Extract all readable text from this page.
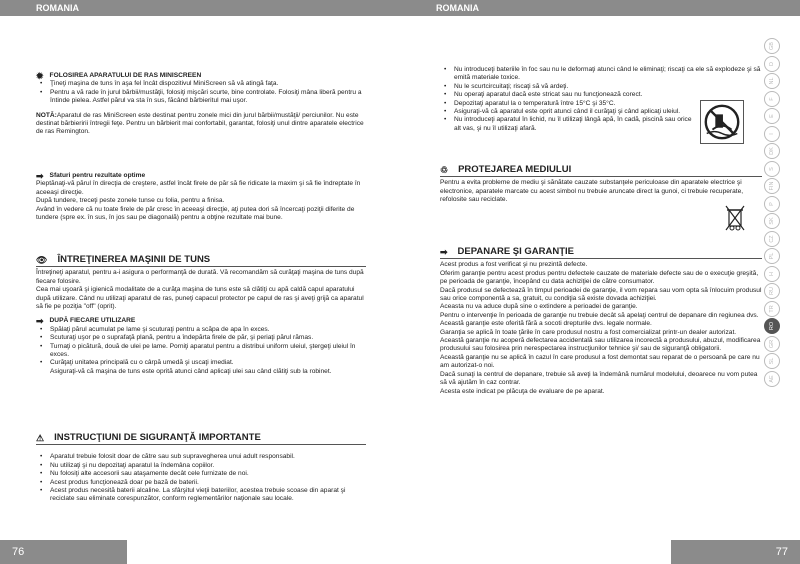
ROMANIA	ROMANIA
✹ FOLOSIREA APARATULUI DE RAS MINISCREEN
• Ţineţi maşina de tuns în aşa fel încât dispozitivul MiniScreen să vă atingă faţa.
• Pentru a vă rade în jurul bărbii/mustăţii, folosiţi mişcări scurte, bine controlate. Folosiţi mâna liberă pentru a întinde pielea. Astfel părul va sta în sus, făcând bărbieritul mai uşor.

NOTĂ:Aparatul de ras MiniScreen este destinat pentru zonele mici din jurul bărbii/mustăţii/ perciunilor. Nu este destinat bărbieririi întregii feţe. Pentru un bărbierit mai confortabil, garantat, folosiţi unul dintre aparatele electrice de ras Remington.

➡ Sfaturi pentru rezultate optime

Pieptănaţi-vă părul în direcţia de creştere, astfel încât firele de păr să fie ridicate la maxim şi să fie îndreptate în aceeaşi direcţie.

După tundere, treceţi peste zonele tunse cu folia, pentru a finisa.

Având în vedere că nu toate firele de păr cresc în aceeaşi direcţie, aţi putea dori să încercaţi poziţii diferite de tundere (spre ex. în sus, în jos sau pe diagonală) pentru a obţine rezultate mai bune.

👁 ÎNTREŢINEREA MAŞINII DE TUNS

Întreţineţi aparatul, pentru a-i asigura o performanţă de durată. Vă recomandăm să curăţaţi maşina de tuns după fiecare folosire.

Cea mai uşoară şi igienică modalitate de a curăţa maşina de tuns este să clătiţi cu apă caldă capul aparatului după utilizare. Când nu utilizaţi aparatul de ras, puneţi capacul protector pe capul de ras şi aveţi grijă ca aparatul să fie pe poziţia "off" (oprit).

➡ DUPĂ FIECARE UTILIZARE
• Spălaţi părul acumulat pe lame şi scuturaţi pentru a scăpa de apa în exces.
• Scuturaţi uşor pe o suprafaţă plană, pentru a îndepărta firele de păr, şi periaţi părul rămas.
• Turnaţi o picătură, două de ulei pe lame. Porniţi aparatul pentru a distribui uniform uleiul, ştergeţi uleiul în exces.
• Curăţaţi unitatea principală cu o cârpă umedă şi uscaţi imediat.
Asiguraţi-vă că maşina de tuns este oprită atunci când aplicaţi ulei sau când clătiţi sub la robinet.
⚠ INSTRUCŢIUNI DE SIGURANŢĂ IMPORTANTE
• Aparatul trebuie folosit doar de către sau sub supravegherea unui adult responsabil.
• Nu utilizaţi şi nu depozitaţi aparatul la îndemâna copiilor.
• Nu folosiţi alte accesorii sau ataşamente decât cele furnizate de noi.
• Acest produs funcţionează doar pe bază de baterii.
• Acest produs necesită baterii alcaline. La sfârşitul vieţii bateriilor, acestea trebuie scoase din aparat şi reciclate sau eliminate corespunzător, conform reglementărilor naţionale sau locale.
• Nu introduceţi bateriile în foc sau nu le deformaţi atunci când le eliminaţi; riscaţi ca ele să explodeze şi să emită materiale toxice.
• Nu le scurtcircuitaţi; riscaţi să vă ardeţi.
• Nu operaţi aparatul dacă este stricat sau nu funcţionează corect.
• Depozitaţi aparatul la o temperatură între 15°C şi 35°C.
• Asiguraţi-vă că aparatul este oprit atunci când il curăţaţi şi când aplicaţi uleiul.
• Nu introduceţi aparatul în lichid, nu îl utilizaţi lângă apă, în cadă, piscină sau orice alt vas, şi nu îl utilizaţi afară.
♲ PROTEJAREA MEDIULUI

Pentru a evita probleme de mediu şi sănătate cauzate substanţele periculoase din aparatele electrice şi electronice, aparatele marcate cu acest simbol nu trebuie aruncate direct la gunoi, ci trebuie recuperate, refolosite sau reciclate.

➡ DEPANARE ŞI GARANŢIE

Acest produs a fost verificat şi nu prezintă defecte.

Oferim garanţie pentru acest produs pentru defectele cauzate de materiale defecte sau de o execuţie greşită, pe perioada de garanţie, începând cu data achiziţiei de către consumator.

Dacă produsul se defectează în timpul perioadei de garanţie, il vom repara sau vom opta să înlocuim produsul sau orice componentă a sa, gratuit, cu condiţia să existe dovada achiziţiei.

Aceasta nu va aduce după sine o extindere a perioadei de garanţie.

Pentru o intervenţie în perioada de garanţie nu trebuie decât să apelaţi centrul de depanare din regiunea dvs.

Această garanţie este oferită fără a socoti drepturile dvs. legale normale.

Garanţia se aplică în toate ţările în care produsul nostru a fost comercializat printr-un dealer autorizat.

Această garanţie nu acoperă defectarea accidentală sau utilizarea incorectă a produsului, abuzul, modificarea produsului sau folosirea prin nerespectarea instrucţiunilor tehnice şi/ sau de siguranţă obligatorii.

Această garanţie nu se aplică în cazul în care produsul a fost demontat sau reparat de o persoană pe care nu am autorizat-o noi.

Dacă sunaţi la centrul de depanare, trebuie să aveţi la îndemână numărul modelului, deoarece nu vom putea să vă ajutăm în caz contrar.

Acesta este indicat pe plăcuţa de evaluare de pe aparat.

GB
D
NL
F
E
I
DK
S
FIN
P
SK
CZ
PL
H
RU
TR
RO
GR
SL
AE
76	77
